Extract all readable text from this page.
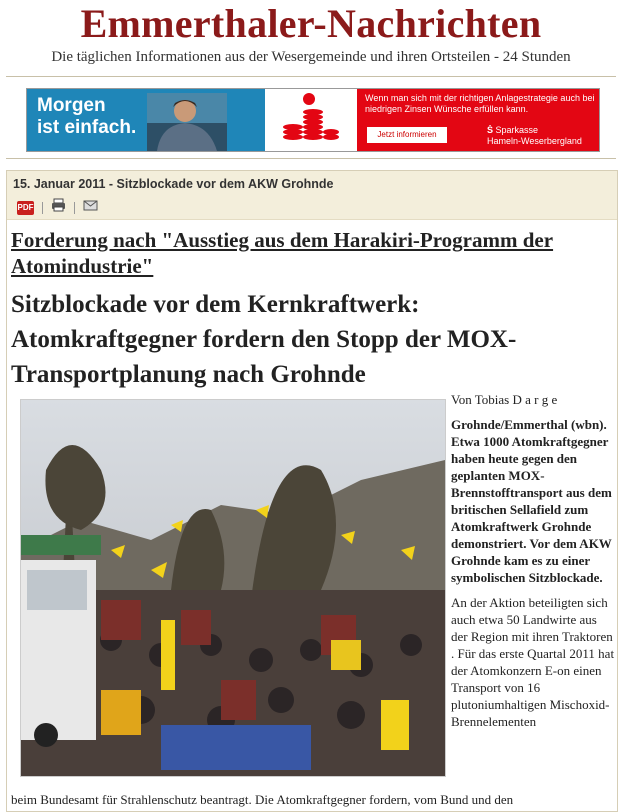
Emmerthaler-Nachrichten
Die täglichen Informationen aus der Wesergemeinde und ihren Ortsteilen - 24 Stunden
Morgen
ist einfach.
Wenn man sich mit der richtigen Anlagestrategie auch bei niedrigen Zinsen Wünsche erfüllen kann.
Jetzt informieren	Ṡ Sparkasse
Hameln-Weserbergland
15. Januar 2011 - Sitzblockade vor dem AKW Grohnde
PDF
Forderung nach "Ausstieg aus dem Harakiri-Programm der Atomindustrie"
Sitzblockade vor dem Kernkraftwerk: Atomkraftgegner fordern den Stopp der MOX-Transportplanung nach Grohnde
Von Tobias D a r g e
Grohnde/Emmerthal (wbn). Etwa 1000 Atomkraftgegner haben heute gegen den geplanten MOX-Brennstofftransport aus dem britischen Sellafield zum Atomkraftwerk Grohnde demonstriert. Vor dem AKW Grohnde kam es zu einer symbolischen Sitzblockade.
An der Aktion beteiligten sich auch etwa 50 Landwirte aus der Region mit ihren Traktoren . Für das erste Quartal 2011 hat der Atomkonzern E-on einen Transport von 16 plutoniumhaltigen Mischoxid-Brennelementen
beim Bundesamt für Strahlenschutz beantragt. Die Atomkraftgegner fordern, vom Bund und den
